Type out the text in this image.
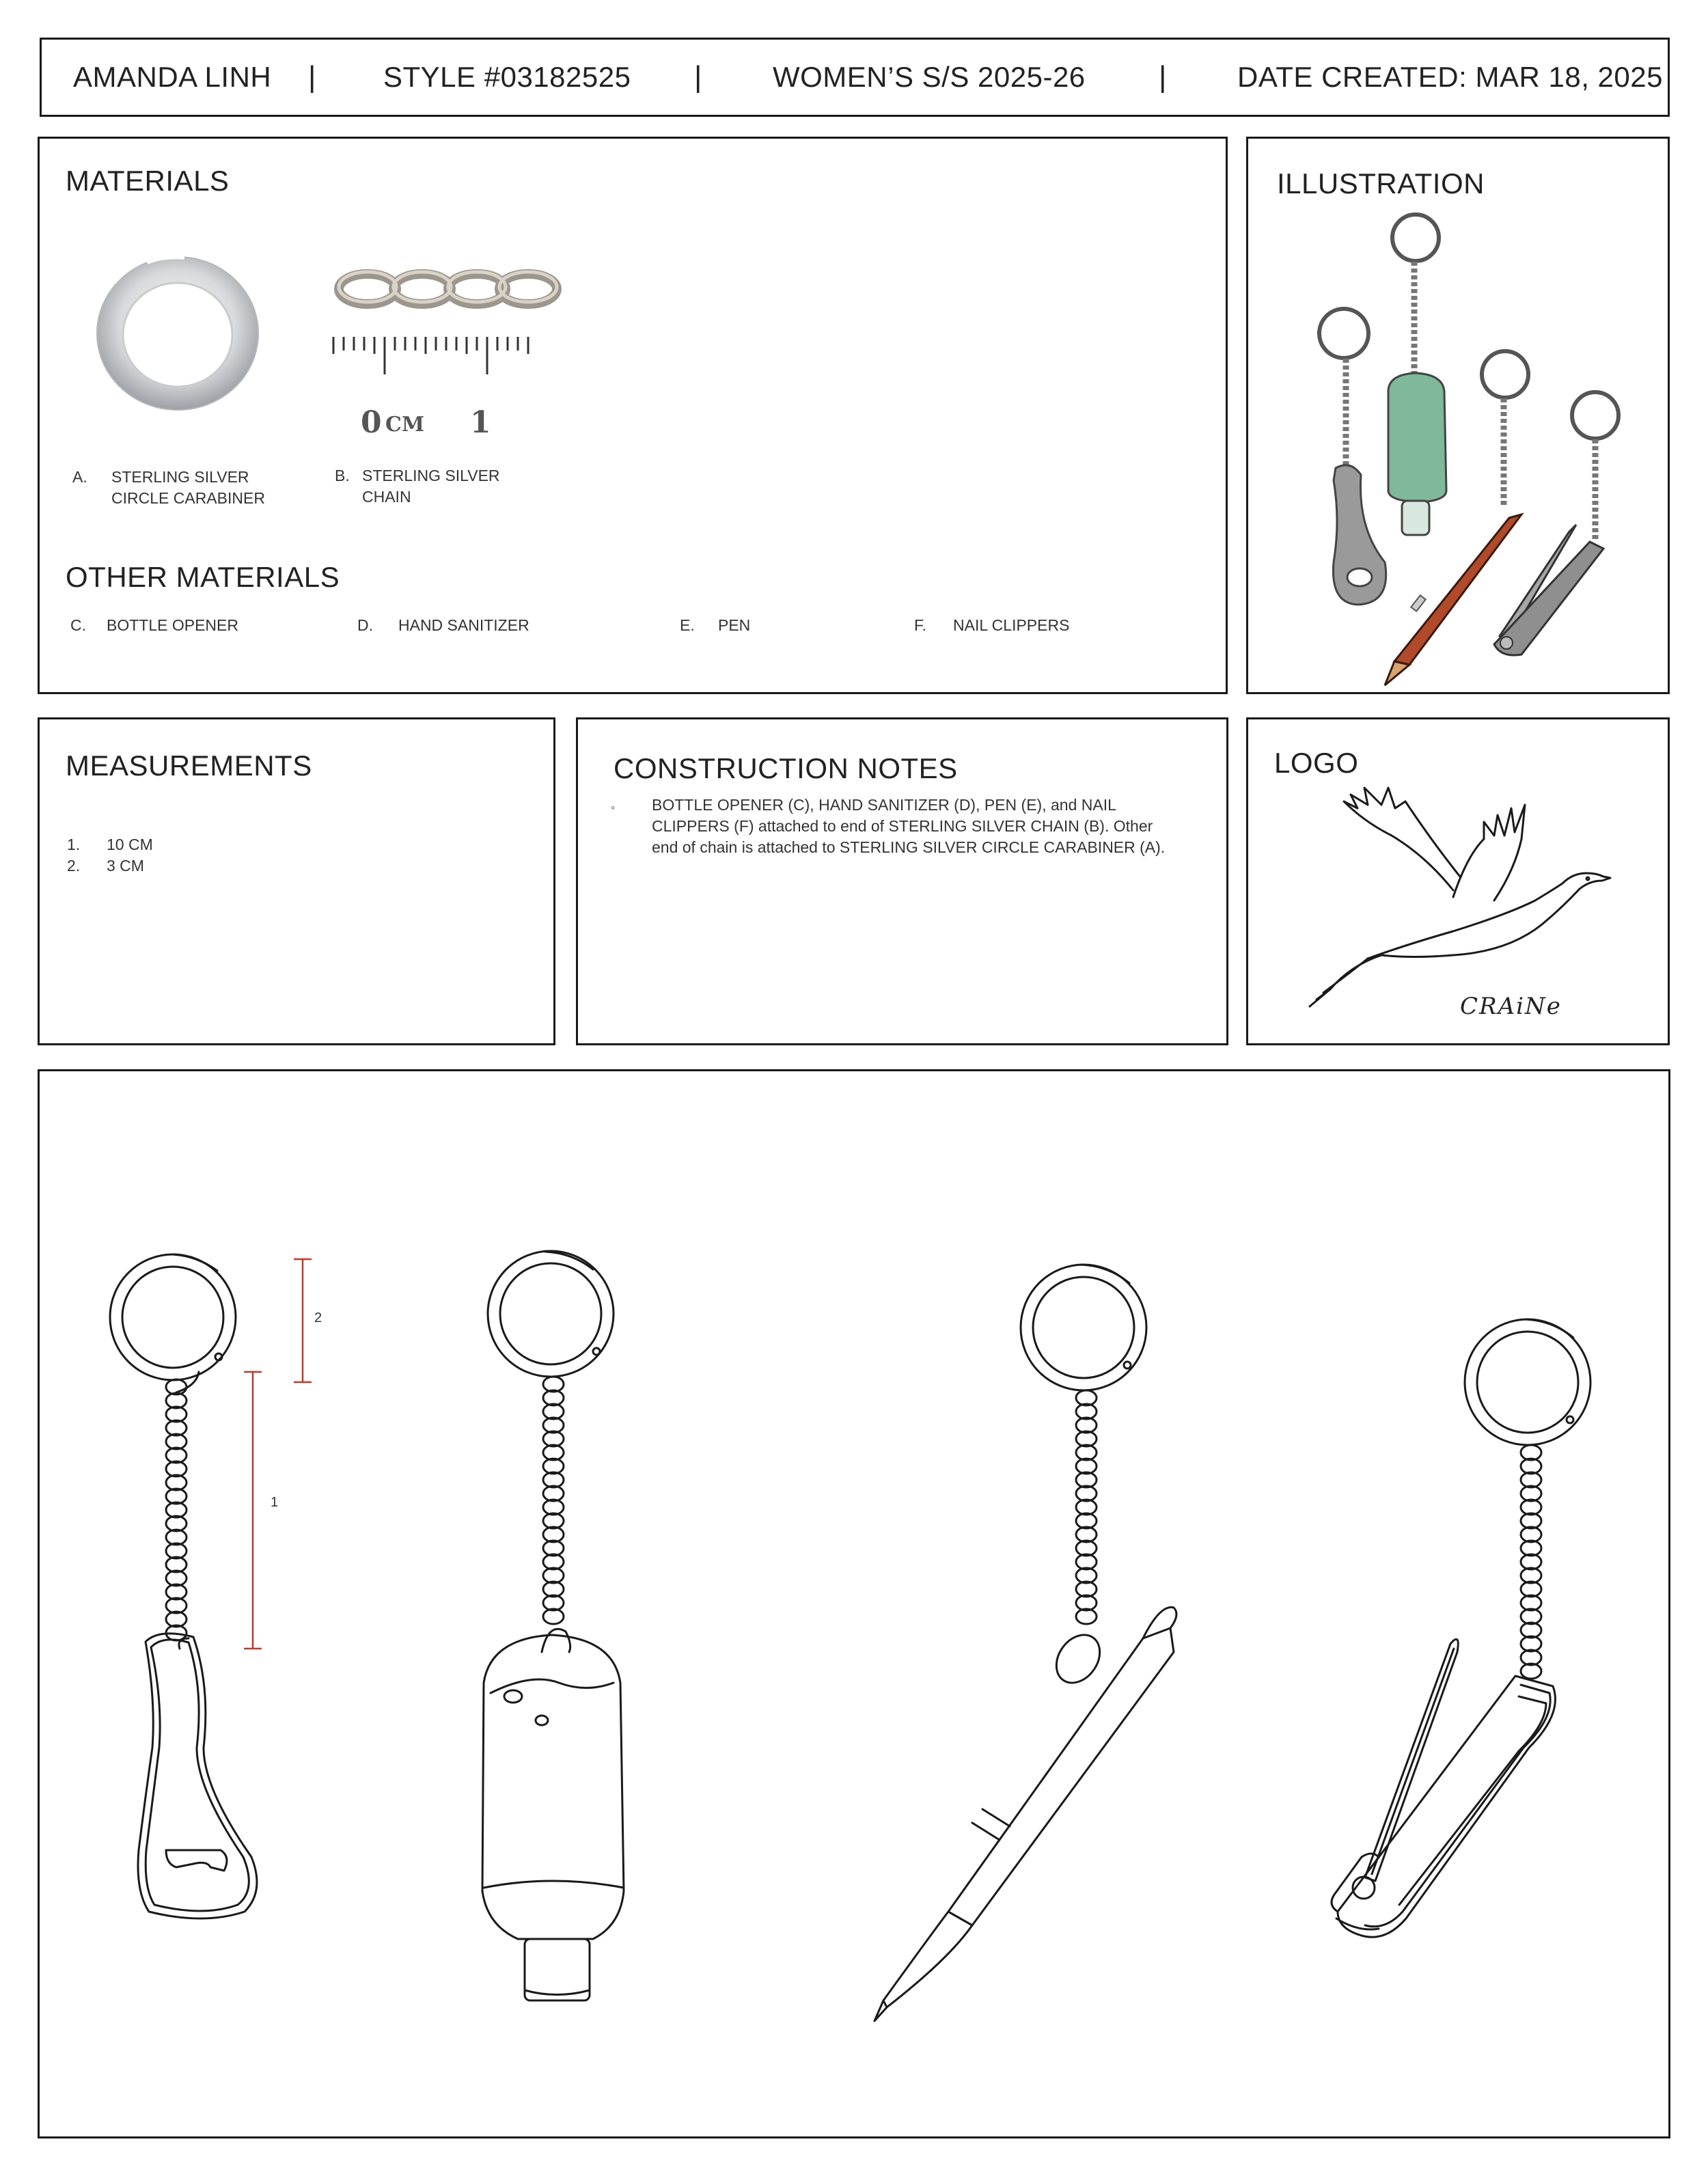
AMANDA LINH | STYLE #03182525 | WOMEN’S S/S 2025-26 | DATE CREATED: MAR 18, 2025
MATERIALS
0 CM 1
A. STERLING SILVER
CIRCLE CARABINER
B. STERLING SILVER
CHAIN
OTHER MATERIALS
C. BOTTLE OPENER	D. HAND SANITIZER	E. PEN	F. NAIL CLIPPERS
ILLUSTRATION
MEASUREMENTS
1. 10 CM
2. 3 CM
CONSTRUCTION NOTES
◦ BOTTLE OPENER (C), HAND SANITIZER (D), PEN (E), and NAIL
CLIPPERS (F) attached to end of STERLING SILVER CHAIN (B). Other
end of chain is attached to STERLING SILVER CIRCLE CARABINER (A).
LOGO
CRAiNe
2
1
